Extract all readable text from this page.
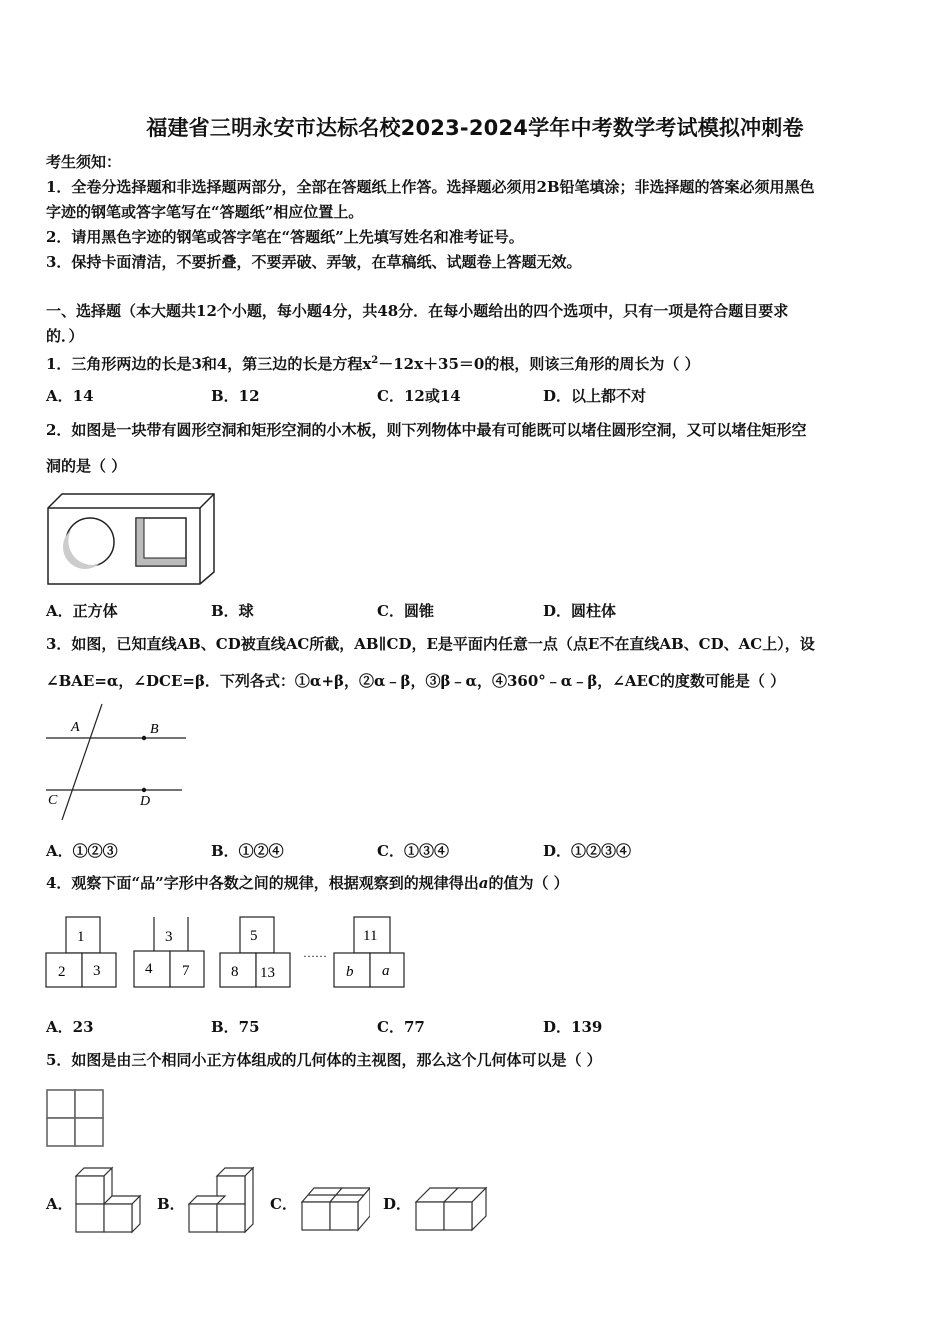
福建省三明永安市达标名校2023-2024学年中考数学考试模拟冲刺卷
考生须知：
1．全卷分选择题和非选择题两部分，全部在答题纸上作答。选择题必须用2B铅笔填涂；非选择题的答案必须用黑色
字迹的钢笔或答字笔写在“答题纸”相应位置上。
2．请用黑色字迹的钢笔或答字笔在“答题纸”上先填写姓名和准考证号。
3．保持卡面清洁，不要折叠，不要弄破、弄皱，在草稿纸、试题卷上答题无效。
一、选择题（本大题共12个小题，每小题4分，共48分．在每小题给出的四个选项中，只有一项是符合题目要求
的．）
1．三角形两边的长是3和4，第三边的长是方程$x^2-12x+35=0$的根，则该三角形的周长为（ ）
A．14	B．12	C．12或14	D．以上都不对
2．如图是一块带有圆形空洞和矩形空洞的小木板，则下列物体中最有可能既可以堵住圆形空洞，又可以堵住矩形空
洞的是（ ）
A．正方体	B．球	C．圆锥	D．圆柱体
3．如图，已知直线AB、CD被直线AC所截，AB∥CD，E是平面内任意一点（点E不在直线AB、CD、AC上），设
∠BAE=α，∠DCE=β．下列各式：①α+β，②α﹣β，③β﹣α，④360°﹣α﹣β，∠AEC的度数可能是（ ）
A	B
C	D
A．①②③	B．①②④	C．①③④	D．①②③④
4．观察下面“品”字形中各数之间的规律，根据观察到的规律得出a的值为（ ）
1
2 3
3
4 7
5
8 13
……
11
b a
A．23	B．75	C．77	D．139
5．如图是由三个相同小正方体组成的几何体的主视图，那么这个几何体可以是（ ）
A．	B．	C．	D．
